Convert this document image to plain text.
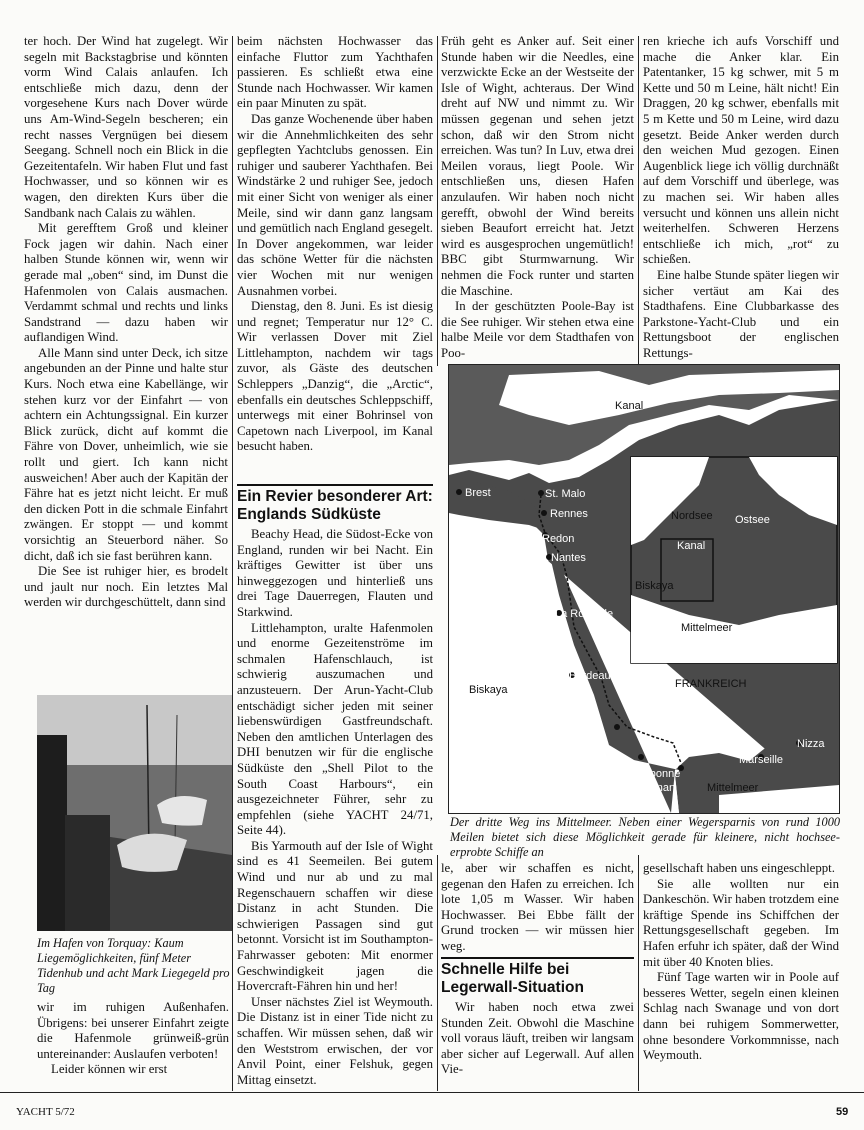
ter hoch. Der Wind hat zugelegt. Wir segeln mit Backstagbrise und könnten vorm Wind Calais anlaufen. Ich entschließe mich dazu, denn der vorgesehene Kurs nach Dover würde uns Am-Wind-Segeln bescheren; ein recht nasses Vergnügen bei diesem Seegang. Schnell noch ein Blick in die Gezeitentafeln. Wir haben Flut und fast Hochwasser, und so können wir es wagen, den direkten Kurs über die Sandbank nach Calais zu wählen.

Mit gerefftem Groß und kleiner Fock jagen wir dahin. Nach einer halben Stunde können wir, wenn wir gerade mal „oben“ sind, im Dunst die Hafenmolen von Calais ausmachen. Verdammt schmal und rechts und links Sandstrand — dazu haben wir auflandigen Wind.

Alle Mann sind unter Deck, ich sitze angebunden an der Pinne und halte stur Kurs. Noch etwa eine Kabellänge, wir stehen kurz vor der Einfahrt — von achtern ein Achtungssignal. Ein kurzer Blick zurück, dicht auf kommt die Fähre von Dover, unheimlich, wie sie rollt und giert. Ich kann nicht ausweichen! Aber auch der Kapitän der Fähre hat es jetzt nicht leicht. Er muß den dicken Pott in die schmale Einfahrt zwängen. Er stoppt — und kommt vorsichtig an Steuerbord näher. So dicht, daß ich sie fast berühren kann.

Die See ist ruhiger hier, es brodelt und jault nur noch. Ein letztes Mal werden wir durchgeschüttelt, dann sind

Im Hafen von Torquay: Kaum Liegemöglichkeiten, fünf Meter Tidenhub und acht Mark Liegegeld pro Tag

wir im ruhigen Außenhafen. Übrigens: bei unserer Einfahrt zeigte die Hafenmole grünweiß-grün untereinander: Auslaufen verboten!

Leider können wir erst

beim nächsten Hochwasser das einfache Fluttor zum Yachthafen passieren. Es schließt etwa eine Stunde nach Hochwasser. Wir kamen ein paar Minuten zu spät.

Das ganze Wochenende über haben wir die Annehmlichkeiten des sehr gepflegten Yachtclubs genossen. Ein ruhiger und sauberer Yachthafen. Bei Windstärke 2 und ruhiger See, jedoch mit einer Sicht von weniger als einer Meile, sind wir dann ganz langsam und gemütlich nach England gesegelt. In Dover angekommen, war leider das schöne Wetter für die nächsten vier Wochen mit nur wenigen Ausnahmen vorbei.

Dienstag, den 8. Juni. Es ist diesig und regnet; Temperatur nur 12° C. Wir verlassen Dover mit Ziel Littlehampton, nachdem wir tags zuvor, als Gäste des deutschen Schleppers „Danzig“, die „Arctic“, ebenfalls ein deutsches Schleppschiff, unterwegs mit einer Bohrinsel von Capetown nach Liverpool, im Kanal besucht haben.

Ein Revier besonderer Art: Englands Südküste

Beachy Head, die Südost-Ecke von England, runden wir bei Nacht. Ein kräftiges Gewitter ist über uns hinweggezogen und hinterließ uns drei Tage Dauerregen, Flauten und Starkwind.

Littlehampton, uralte Hafenmolen und enorme Gezeitenströme im schmalen Hafenschlauch, ist schwierig auszumachen und anzusteuern. Der Arun-Yacht-Club entschädigt sicher jeden mit seiner liebenswürdigen Gastfreundschaft. Neben den amtlichen Unterlagen des DHI benutzen wir für die englische Südküste den „Shell Pilot to the South Coast Harbours“, ein ausgezeichneter Führer, sehr zu empfehlen (siehe YACHT 24/71, Seite 44).

Bis Yarmouth auf der Isle of Wight sind es 41 Seemeilen. Bei gutem Wind und nur ab und zu mal Regenschauern schaffen wir diese Distanz in acht Stunden. Die schwierigen Passagen sind gut betonnt. Vorsicht ist im Southampton-Fahrwasser geboten: Mit enormer Geschwindigkeit jagen die Hovercraft-Fähren hin und her!

Unser nächstes Ziel ist Weymouth. Die Distanz ist in einer Tide nicht zu schaffen. Wir müssen sehen, daß wir den Weststrom erwischen, der vor Anvil Point, einer Felshuk, gegen Mittag einsetzt.

Früh geht es Anker auf. Seit einer Stunde haben wir die Needles, eine verzwickte Ecke an der Westseite der Isle of Wight, achteraus. Der Wind dreht auf NW und nimmt zu. Wir müssen gegenan und sehen jetzt schon, daß wir den Strom nicht erreichen. Was tun? In Luv, etwa drei Meilen voraus, liegt Poole. Wir entschließen uns, diesen Hafen anzulaufen. Wir haben noch nicht gerefft, obwohl der Wind bereits sieben Beaufort erreicht hat. Jetzt wird es ausgesprochen ungemütlich! BBC gibt Sturmwarnung. Wir nehmen die Fock runter und starten die Maschine.

In der geschützten Poole-Bay ist die See ruhiger. Wir stehen etwa eine halbe Meile vor dem Stadthafen von Poo-

ren krieche ich aufs Vorschiff und mache die Anker klar. Ein Patentanker, 15 kg schwer, mit 5 m Kette und 50 m Leine, hält nicht! Ein Draggen, 20 kg schwer, ebenfalls mit 5 m Kette und 50 m Leine, wird dazu gesetzt. Beide Anker werden durch den weichen Mud gezogen. Einen Augenblick liege ich völlig durchnäßt auf dem Vorschiff und überlege, was zu machen sei. Wir haben alles versucht und können uns allein nicht weiterhelfen. Schweren Herzens entschließe ich mich, „rot“ zu schießen.

Eine halbe Stunde später liegen wir sicher vertäut am Kai des Stadthafens. Eine Clubbarkasse des Parkstone-Yacht-Club und ein Rettungsboot der englischen Rettungs-

Kanal
Brest	St. Malo
Rennes
Redon
Nantes
La Rochelle
Biskaya
Bordeaux
FRANKREICH
Toulouse
Narbonne
Perpignan
Marseille
Nizza
Mittelmeer
Nordsee Ostsee
Kanal
Biskaya
Mittelmeer
Der dritte Weg ins Mittelmeer. Neben einer Wegersparnis von rund 1000 Meilen bietet sich diese Möglichkeit gerade für kleinere, nicht hochsee-erprobte Schiffe an

le, aber wir schaffen es nicht, gegenan den Hafen zu erreichen. Ich lote 1,05 m Wasser. Wir haben Hochwasser. Bei Ebbe fällt der Grund trocken — wir müssen hier weg.

Schnelle Hilfe bei Legerwall-Situation

Wir haben noch etwa zwei Stunden Zeit. Obwohl die Maschine voll voraus läuft, treiben wir langsam aber sicher auf Legerwall. Auf allen Vie-

gesellschaft haben uns eingeschleppt.

Sie alle wollten nur ein Dankeschön. Wir haben trotzdem eine kräftige Spende ins Schiffchen der Rettungsgesellschaft gegeben. Im Hafen erfuhr ich später, daß der Wind mit über 40 Knoten blies.

Fünf Tage warten wir in Poole auf besseres Wetter, segeln einen kleinen Schlag nach Swanage und von dort dann bei ruhigem Sommerwetter, ohne besondere Vorkommnisse, nach Weymouth.

YACHT 5/72	59
